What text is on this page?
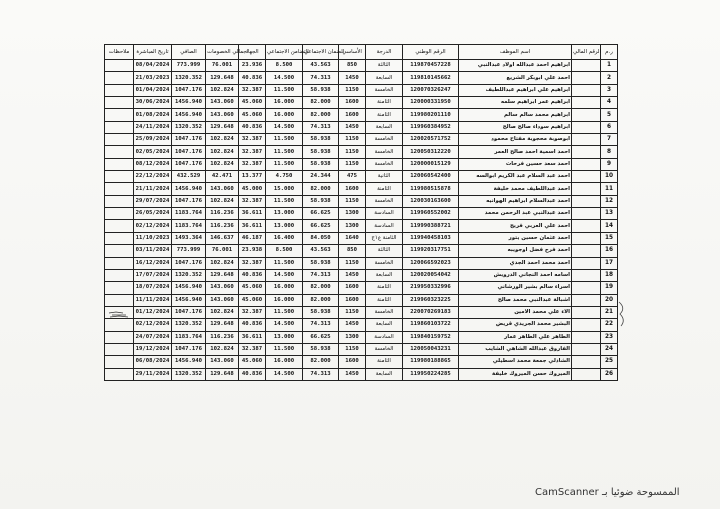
ملاحظات	تاريخ المباشرة	الصافي	اجمالي الخصومات	الجهاد	التضامن الاجتماعي	الضمان الاجتماعي	الأساسي	الدرجة	الرقم الوطني	اسم الموظف	الرقم المالي	ر.م
	08/04/2024	773.999	76.001	23.936	8.500	43.563	850	الثالثة	119870457228	ابراهيم احمد عبدالله اولاد عبدالنبي		1
	21/03/2023	1320.352	129.648	40.836	14.500	74.313	1450	السابعة	119810145662	احمد علي ابوبكر الشريع		2
	01/04/2024	1047.176	102.824	32.387	11.500	58.938	1150	الخامسة	120070326247	ابراهيم علي ابراهيم عبداللطيف		3
	30/06/2024	1456.940	143.060	45.060	16.000	82.000	1600	الثامنة	120000331950	ابراهيم عمر ابراهيم سلمه		4
	01/08/2024	1456.940	143.060	45.060	16.000	82.000	1600	الثامنة	119980201110	ابراهيم محمد سالم سالم		5
	24/11/2024	1320.352	129.648	40.836	14.500	74.313	1450	السابعة	119960384952	ابراهيم سوداء صالح صالح		6
	25/09/2024	1047.176	102.824	32.387	11.500	58.938	1150	الخامسة	120020571752	ابوصوبة محجوبة مفتاح محمود		7
	02/05/2024	1047.176	102.824	32.387	11.500	58.938	1150	الخامسة	120050312220	احمد اسمية احمد صالح العمر		8
	08/12/2024	1047.176	102.824	32.387	11.500	58.938	1150	الخامسة	120000015129	احمد سعد حسين فرحات		9
	22/12/2024	432.529	42.471	13.377	4.750	24.344	475	الثانية	120060542400	احمد عبد السلام عبد الكريم ابوالسه		10
	21/11/2024	1456.940	143.060	45.000	15.000	82.000	1600	الثامنة	119980515878	احمد عبداللطيف محمد خليفة		11
	29/07/2024	1047.176	102.824	32.387	11.500	58.938	1150	الخامسة	120030163600	احمد عبدالسلام ابراهيم الهوانيه		12
	26/05/2024	1183.764	116.236	36.611	13.000	66.625	1300	السادسة	119960552002	احمد عبدالنبي عبد الرحمن محمد		13
	02/12/2024	1183.764	116.236	36.611	13.000	66.625	1300	السادسة	119990388721	احمد علي العربي فريج		14
	11/10/2023	1493.364	146.637	46.187	16.400	84.050	1640	الثامنة ع١ج	119940458103	احمد عثمان حسين يتور		15
	03/11/2024	773.999	76.001	23.938	8.500	43.563	850	الثالثة	119920317751	احمد فرج فضل اوجويبه		16
	16/12/2024	1047.176	102.824	32.387	11.500	58.938	1150	الخامسة	120066592023	احمد محمد احمد الجدي		17
	17/07/2024	1320.352	129.648	40.836	14.500	74.313	1450	السابعة	120020054042	اسامه احمد النجاني الدرويش		18
	18/07/2024	1456.940	143.060	45.060	16.000	82.000	1600	الثامنة	219950332996	اسراء سالم بشير الورشاني		19
	11/11/2024	1456.940	143.060	45.060	16.000	82.000	1600	الثامنة	219960323225	اشبالة عبدالنبي محمد صالح		20
	01/12/2024	1047.176	102.824	32.387	11.500	58.938	1150	الخامسة	220070269183	الاء علي محمد الامين		21
	02/12/2024	1320.352	129.648	40.836	14.500	74.313	1450	السابعة	119860103722	البشير محمد الجريدي قريض		22
	24/07/2024	1183.764	116.236	36.611	13.000	66.625	1300	السادسة	119840159752	الطاهر علي الطاهر عمار		23
	19/12/2024	1047.176	102.824	32.387	11.500	58.938	1150	الخامسة	120050043231	الفاروق عبدالله الشاهي الشايب		24
	06/08/2024	1456.940	143.060	45.060	16.000	82.000	1600	الثامنة	119980188865	الشاذلي جمعة محمد اسطيلي		25
	29/11/2024	1320.352	129.648	40.836	14.500	74.313	1450	السابعة	119950224285	الميروك حسن الميروك خليفة		26
CamScanner الممسوحة ضوئيا بـ
